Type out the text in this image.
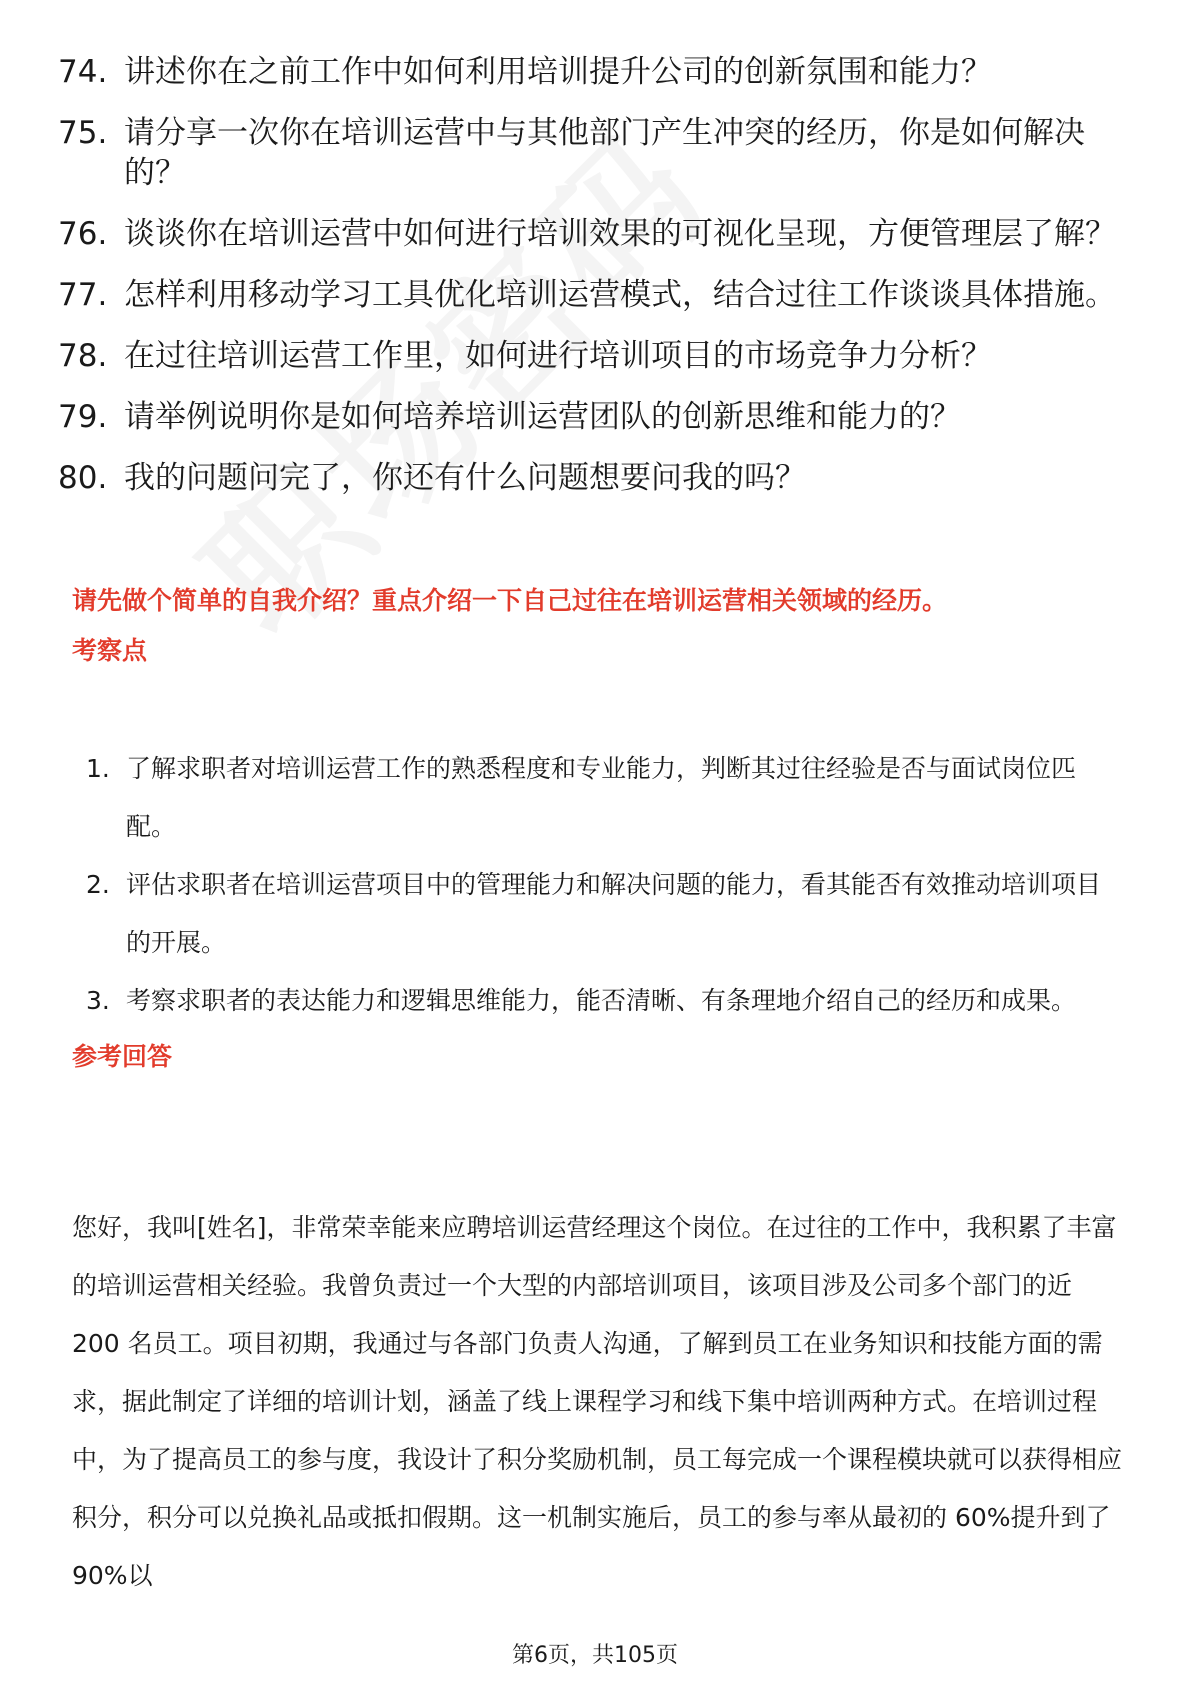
74. 讲述你在之前工作中如何利用培训提升公司的创新氛围和能力？
75. 请分享一次你在培训运营中与其他部门产生冲突的经历，你是如何解决的？
76. 谈谈你在培训运营中如何进行培训效果的可视化呈现，方便管理层了解？
77. 怎样利用移动学习工具优化培训运营模式，结合过往工作谈谈具体措施。
78. 在过往培训运营工作里，如何进行培训项目的市场竞争力分析？
79. 请举例说明你是如何培养培训运营团队的创新思维和能力的？
80. 我的问题问完了，你还有什么问题想要问我的吗？
请先做个简单的自我介绍？重点介绍一下自己过往在培训运营相关领域的经历。
考察点
1. 了解求职者对培训运营工作的熟悉程度和专业能力，判断其过往经验是否与面试岗位匹配。
2. 评估求职者在培训运营项目中的管理能力和解决问题的能力，看其能否有效推动培训项目的开展。
3. 考察求职者的表达能力和逻辑思维能力，能否清晰、有条理地介绍自己的经历和成果。
参考回答

您好，我叫[姓名]，非常荣幸能来应聘培训运营经理这个岗位。在过往的工作中，我积累了丰富的培训运营相关经验。我曾负责过一个大型的内部培训项目，该项目涉及公司多个部门的近 200 名员工。项目初期，我通过与各部门负责人沟通，了解到员工在业务知识和技能方面的需求，据此制定了详细的培训计划，涵盖了线上课程学习和线下集中培训两种方式。在培训过程中，为了提高员工的参与度，我设计了积分奖励机制，员工每完成一个课程模块就可以获得相应积分，积分可以兑换礼品或抵扣假期。这一机制实施后，员工的参与率从最初的 60%提升到了 90%以

第6页，共105页
